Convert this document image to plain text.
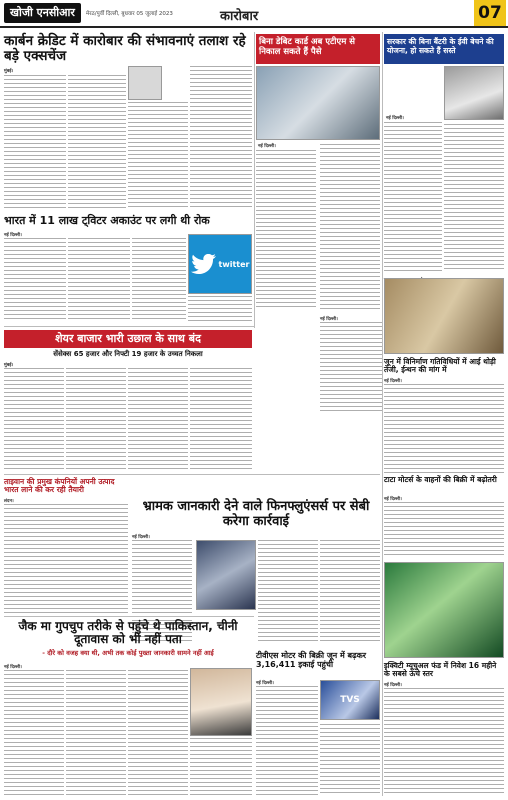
खोजी एनसीआर	मेरठ/पुर्वी दिल्ली, बुधवार 05 जुलाई 2023	कारोबार	07
कार्बन क्रेडिट में कारोबार की संभावनाएं तलाश रहे बड़े एक्सचेंज
मुंबई।
भारत में 11 लाख ट्विटर अकाउंट पर लगी थी रोक
नई दिल्ली।
twitter
बिना डेबिट कार्ड अब एटीएम से निकाल सकते हैं पैसे
नई दिल्ली।
सरकार की बिना बैंटरी के ईवी बेचने की योजना, हो सकते हैं सस्ते
नई दिल्ली।
शेयर बाजार भारी उछाल के साथ बंद
सेंसेक्स 65 हजार और निफ्टी 19 हजार के उच्चत निकला
मुंबई।
नई दिल्ली।
जून में विनिर्माण गतिविधियों में आई थोड़ी तेजी, ईन्थन की मांग में
नई दिल्ली।
टाटा मोटर्स के वाहनों की बिक्री में बढ़ोतरी
नई दिल्ली।
ताइवान की प्रमुख कंपनियों अपनी उत्पाद भारत लाने की कर रही तैयारी
लंदन।	भ्रामक जानकारी देने वाले फिनफ्लुएंसर्स पर सेबी करेगा कार्रवाई
नई दिल्ली।
जैक मा गुपचुप तरीके से पहुंचे थे पाकिस्तान, चीनी दूतावास को भी नहीं पता
- दौरे को वजह क्या थी, अभी तक कोई पुख्ता जानकारी सामने नहीं आई
नई दिल्ली।
टीवीएस मोटर की बिक्री जून में बढ़कर 3,16,411 इकाई पहुंची
TVS
नई दिल्ली।
इक्विटी म्यूचुअल फंड में निवेश 16 महीने के सबसे ऊंचे स्तर
नई दिल्ली।
